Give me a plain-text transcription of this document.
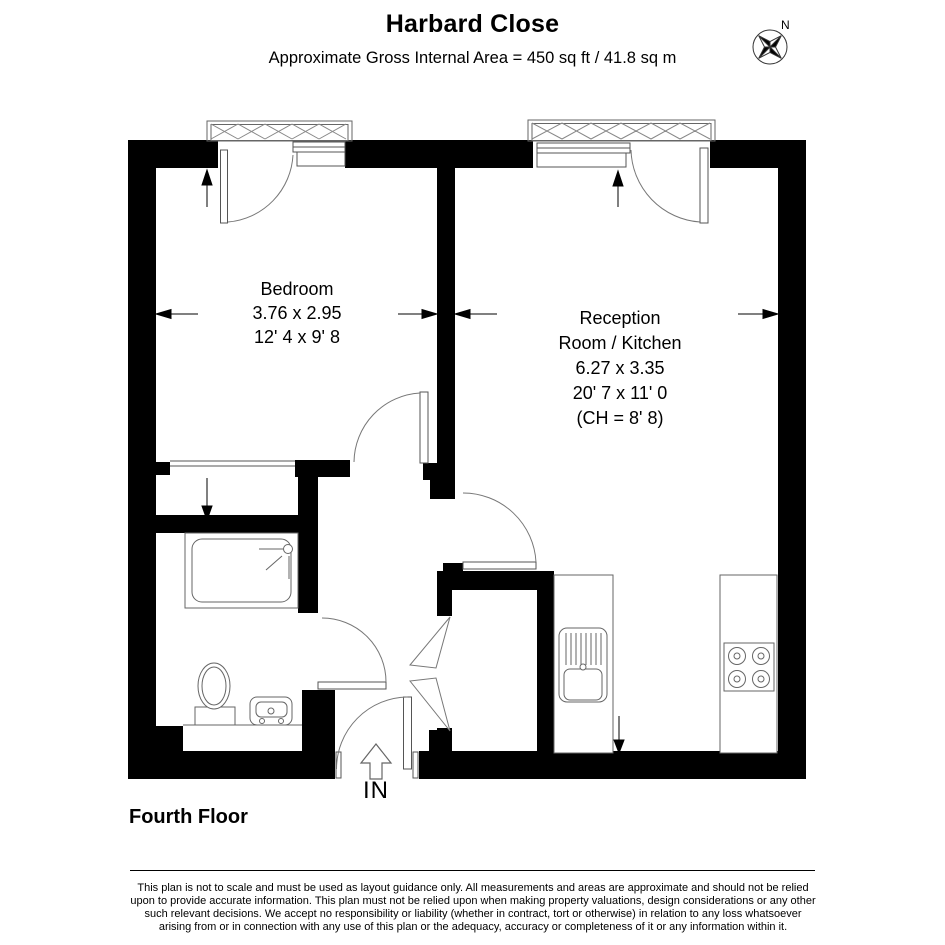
Harbard Close
Approximate Gross Internal Area = 450 sq ft / 41.8 sq m
N
Bedroom
3.76 x 2.95
12' 4 x 9' 8
Reception
Room / Kitchen
6.27 x 3.35
20' 7 x 11' 0
(CH = 8' 8)
IN
Fourth Floor
This plan is not to scale and must be used as layout guidance only. All measurements and areas are approximate and should not be relied upon to provide accurate information. This plan must not be relied upon when making property valuations, design considerations or any other such relevant decisions. We accept no responsibility or liability (whether in contract, tort or otherwise) in relation to any loss whatsoever arising from or in connection with any use of this plan or the adequacy, accuracy or completeness of it or any information within it.
